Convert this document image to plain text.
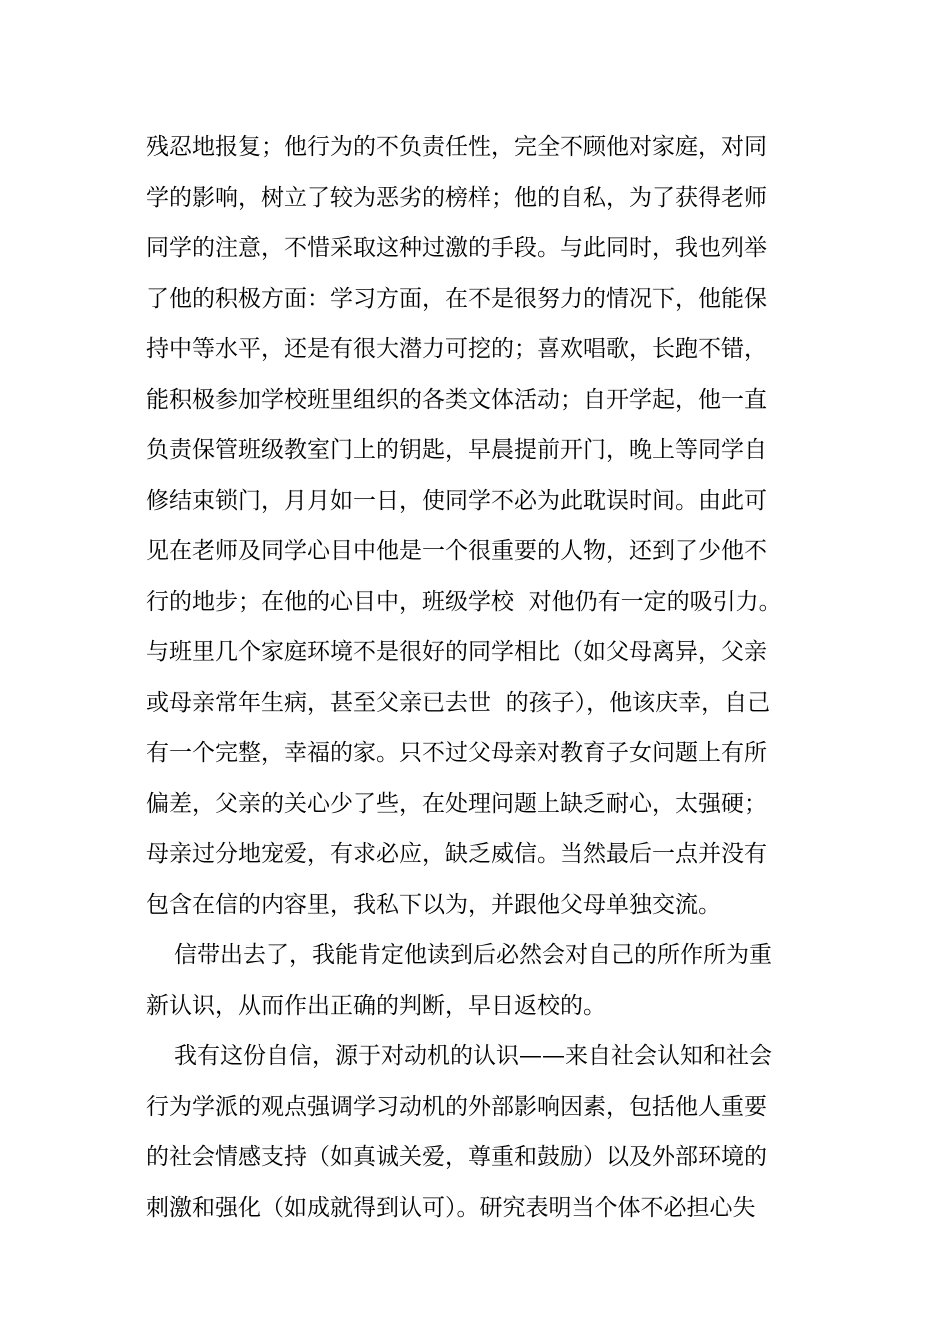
残忍地报复；他行为的不负责任性，完全不顾他对家庭，对同
学的影响，树立了较为恶劣的榜样；他的自私，为了获得老师
同学的注意，不惜采取这种过激的手段。与此同时，我也列举
了他的积极方面：学习方面，在不是很努力的情况下，他能保
持中等水平，还是有很大潜力可挖的；喜欢唱歌，长跑不错，
能积极参加学校班里组织的各类文体活动；自开学起，他一直
负责保管班级教室门上的钥匙，早晨提前开门，晚上等同学自
修结束锁门，月月如一日，使同学不必为此耽误时间。由此可
见在老师及同学心目中他是一个很重要的人物，还到了少他不
行的地步；在他的心目中，班级学校  对他仍有一定的吸引力。
与班里几个家庭环境不是很好的同学相比（如父母离异，父亲
或母亲常年生病，甚至父亲已去世  的孩子），他该庆幸，自己
有一个完整，幸福的家。只不过父母亲对教育子女问题上有所
偏差，父亲的关心少了些，在处理问题上缺乏耐心，太强硬；
母亲过分地宠爱，有求必应，缺乏威信。当然最后一点并没有
包含在信的内容里，我私下以为，并跟他父母单独交流。
信带出去了，我能肯定他读到后必然会对自己的所作所为重
新认识，从而作出正确的判断，早日返校的。
我有这份自信，源于对动机的认识——来自社会认知和社会
行为学派的观点强调学习动机的外部影响因素，包括他人重要
的社会情感支持（如真诚关爱，尊重和鼓励）以及外部环境的
刺激和强化（如成就得到认可）。研究表明当个体不必担心失
